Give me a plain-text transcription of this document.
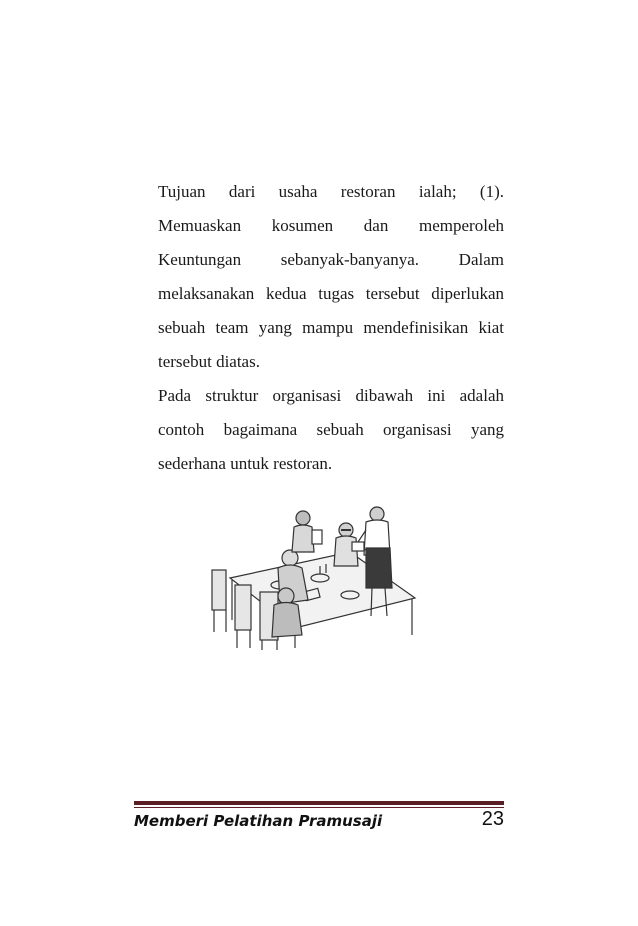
Tujuan dari usaha restoran ialah; (1).
Memuaskan kosumen dan memperoleh
Keuntungan sebanyak-banyanya. Dalam
melaksanakan kedua tugas tersebut diperlukan
sebuah team yang mampu mendefinisikan kiat
tersebut diatas.
Pada struktur organisasi dibawah ini adalah
contoh bagaimana sebuah organisasi yang
sederhana untuk restoran.
Memberi Pelatihan Pramusaji	23
